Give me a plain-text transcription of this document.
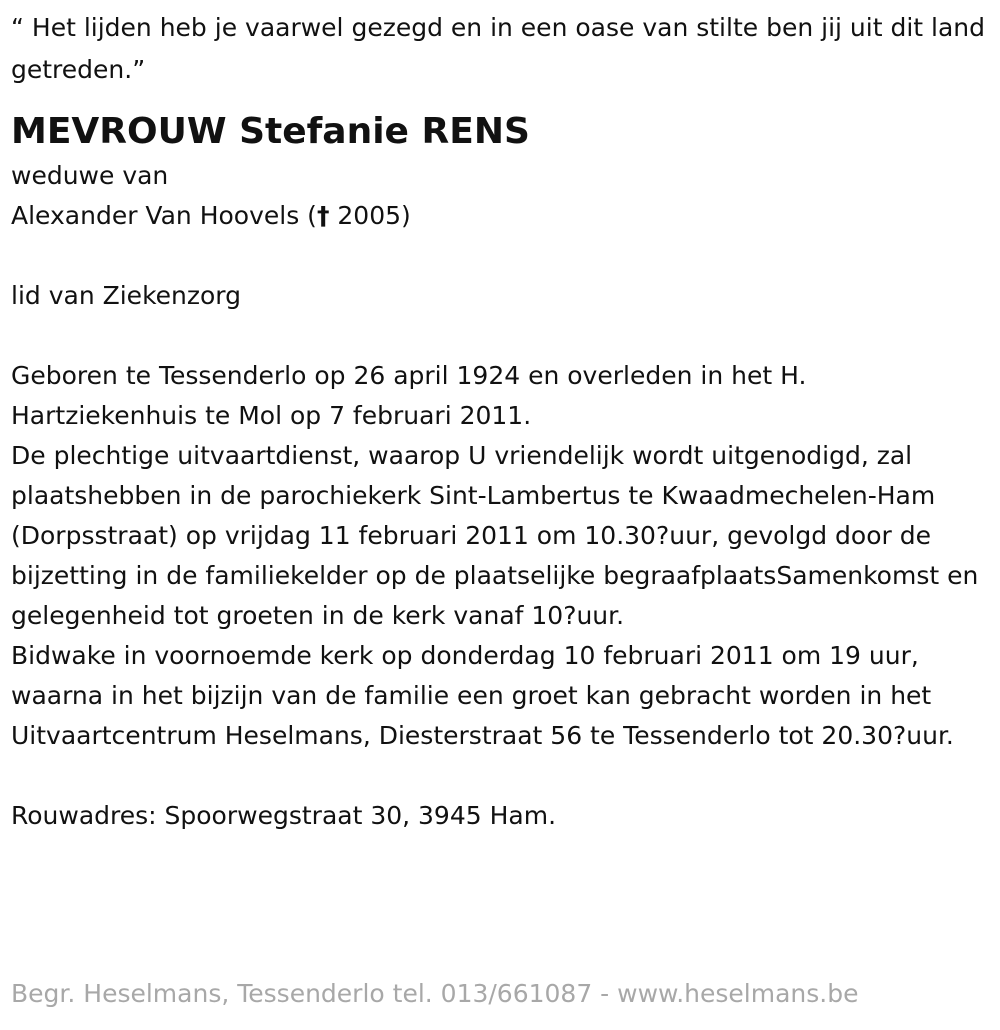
“ Het lijden heb je vaarwel gezegd en in een oase van stilte ben jij uit dit land getreden.”

MEVROUW Stefanie RENS
weduwe van
Alexander Van Hoovels († 2005)
lid van Ziekenzorg
Geboren te Tessenderlo op 26 april 1924 en overleden in het H. Hartziekenhuis te Mol op 7 februari 2011.
De plechtige uitvaartdienst, waarop U vriendelijk wordt uitgenodigd, zal plaatshebben in de parochiekerk Sint-Lambertus te Kwaadmechelen-Ham (Dorpsstraat) op vrijdag 11 februari 2011 om 10.30?uur, gevolgd door de bijzetting in de familiekelder op de plaatselijke begraafplaatsSamenkomst en gelegenheid tot groeten in de kerk vanaf 10?uur.
Bidwake in voornoemde kerk op donderdag 10 februari 2011 om 19 uur, waarna in het bijzijn van de familie een groet kan gebracht worden in het Uitvaartcentrum Heselmans, Diesterstraat 56 te Tessenderlo tot 20.30?uur.
Rouwadres: Spoorwegstraat 30, 3945 Ham.
Begr. Heselmans, Tessenderlo tel. 013/661087 - www.heselmans.be
